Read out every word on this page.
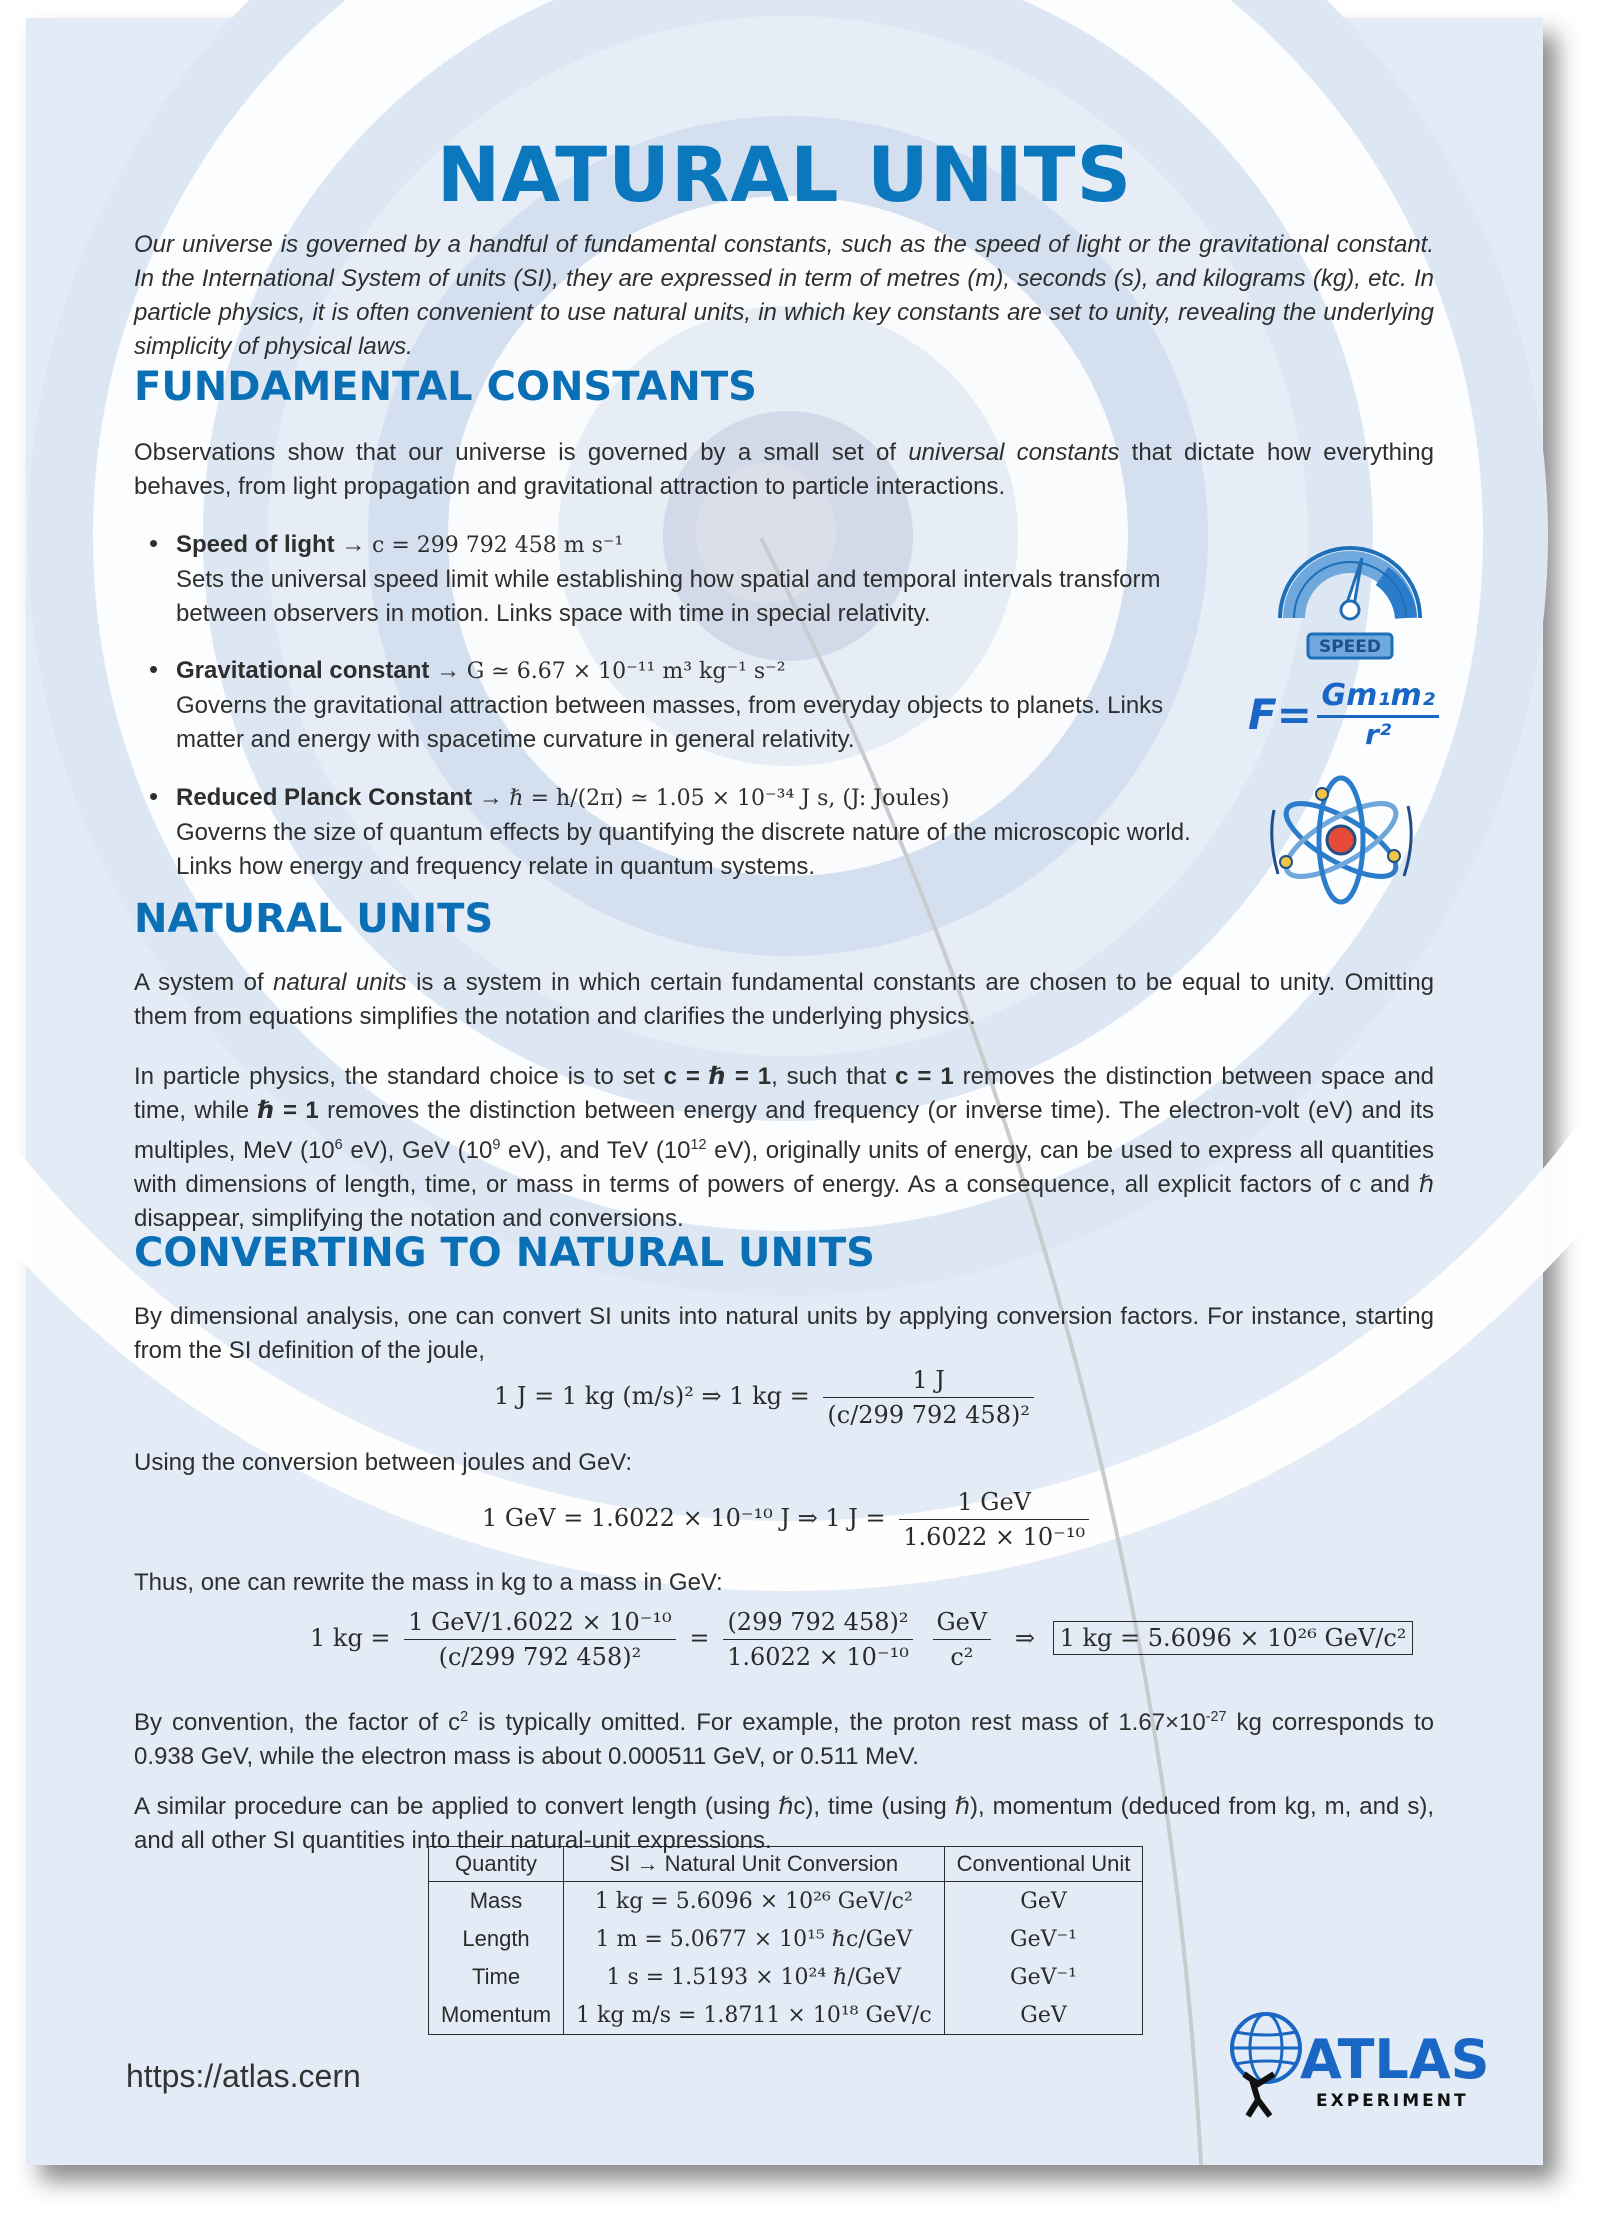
NATURAL UNITS

Our universe is governed by a handful of fundamental constants, such as the speed of light or the gravitational constant. In the International System of units (SI), they are expressed in term of metres (m), seconds (s), and kilograms (kg), etc. In particle physics, it is often convenient to use natural units, in which key constants are set to unity, revealing the underlying simplicity of physical laws.

FUNDAMENTAL CONSTANTS

Observations show that our universe is governed by a small set of universal constants that dictate how everything behaves, from light propagation and gravitational attraction to particle interactions.

• Speed of light → c = 299 792 458 m s⁻¹
Sets the universal speed limit while establishing how spatial and temporal intervals transform between observers in motion. Links space with time in special relativity.
• Gravitational constant → G ≃ 6.67 × 10⁻¹¹ m³ kg⁻¹ s⁻²
Governs the gravitational attraction between masses, from everyday objects to planets. Links matter and energy with spacetime curvature in general relativity.
• Reduced Planck Constant → ℏ = h/(2π) ≃ 1.05 × 10⁻³⁴ J s, (J: Joules)
Governs the size of quantum effects by quantifying the discrete nature of the microscopic world. Links how energy and frequency relate in quantum systems.
SPEED
$F= \frac{\text{Gm₁m₂}}{\text{r²}}$
NATURAL UNITS

A system of natural units is a system in which certain fundamental constants are chosen to be equal to unity. Omitting them from equations simplifies the notation and clarifies the underlying physics.

In particle physics, the standard choice is to set c = ℏ = 1, such that c = 1 removes the distinction between space and time, while ℏ = 1 removes the distinction between energy and frequency (or inverse time). The electron-volt (eV) and its multiples, MeV ($10^6$ eV), GeV ($10^9$ eV), and TeV ($10^{12}$ eV), originally units of energy, can be used to express all quantities with dimensions of length, time, or mass in terms of powers of energy. As a consequence, all explicit factors of c and ℏ disappear, simplifying the notation and conversions.

CONVERTING TO NATURAL UNITS

By dimensional analysis, one can convert SI units into natural units by applying conversion factors. For instance, starting from the SI definition of the joule,

1 J = 1 kg (m/s)² ⇒ 1 kg = $\frac{1 J}{\text{(c/299 792 458)²}}$

Using the conversion between joules and GeV:

1 GeV = 1.6022 × 10⁻¹⁰ J ⇒ 1 $J = \frac{\text{1 GeV}}{\text{1.6022 × 10⁻¹⁰}}$

Thus, one can rewrite the mass in kg to a mass in GeV:

1 kg = $\frac{\text{1 GeV/1.6022 × 10⁻¹⁰}}{\text{(c/299 792 458)²}} = \frac{\text{(299 792 458)²}}{\text{1.6022 × 10⁻¹⁰}}$
$\frac{\text{GeV}}{\text{c²}}$ ⇒ 1 kg = 5.6096 × 10²⁶ GeV/c²

By convention, the factor of $c^2$ is typically omitted. For example, the proton rest mass of $1.67\times 10^{-27}$ kg corresponds to 0.938 GeV, while the electron mass is about 0.000511 GeV, or 0.511 MeV.

A similar procedure can be applied to convert length (using ℏc), time (using ℏ), momentum (deduced from kg, m, and s), and all other SI quantities into their natural-unit expressions.

Quantity	SI → Natural Unit Conversion	Conventional Unit
Mass	1 kg = 5.6096 × 10²⁶ GeV/c²	GeV
Length	1 m = 5.0677 × 10¹⁵ ℏc/GeV	GeV⁻¹
Time	1 s = 1.5193 × 10²⁴ ℏ/GeV	GeV⁻¹
Momentum	1 kg m/s = 1.8711 × 10¹⁸ GeV/c	GeV

https://atlas.cern	ATLAS
EXPERIMENT
